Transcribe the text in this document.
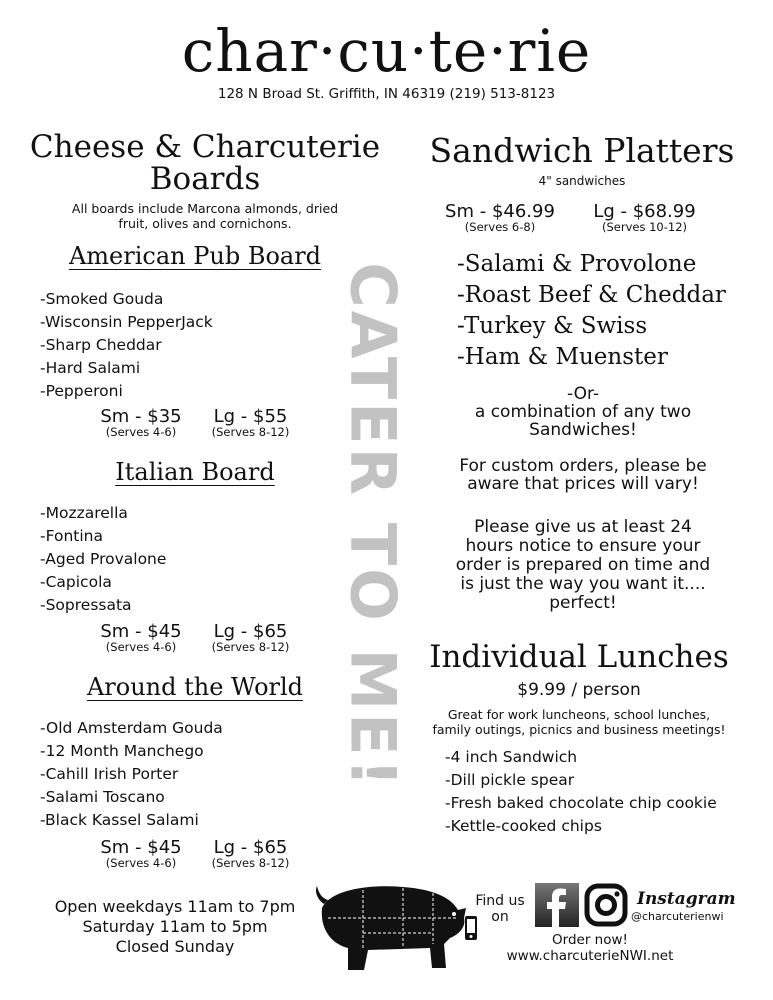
char·cu·te·rie
128 N Broad St. Griffith, IN 46319 (219) 513-8123
CATER TO ME!
Cheese & Charcuterie
Boards
All boards include Marcona almonds, dried
fruit, olives and cornichons.
American Pub Board
-Smoked Gouda
-Wisconsin PepperJack
-Sharp Cheddar
-Hard Salami
-Pepperoni
Sm - $35
(Serves 4-6)
Lg - $55
(Serves 8-12)
Italian Board
-Mozzarella
-Fontina
-Aged Provalone
-Capicola
-Sopressata
Sm - $45
(Serves 4-6)
Lg - $65
(Serves 8-12)
Around the World
-Old Amsterdam Gouda
-12 Month Manchego
-Cahill Irish Porter
-Salami Toscano
-Black Kassel Salami
Sm - $45
(Serves 4-6)
Lg - $65
(Serves 8-12)
Open weekdays 11am to 7pm
Saturday 11am to 5pm
Closed Sunday
Sandwich Platters
4" sandwiches
Sm - $46.99
(Serves 6-8)
Lg - $68.99
(Serves 10-12)
-Salami & Provolone
-Roast Beef & Cheddar
-Turkey & Swiss
-Ham & Muenster
-Or-
a combination of any two
Sandwiches!
For custom orders, please be
aware that prices will vary!
Please give us at least 24
hours notice to ensure your
order is prepared on time and
is just the way you want it....
perfect!
Individual Lunches
$9.99 / person
Great for work luncheons, school lunches,
family outings, picnics and business meetings!
-4 inch Sandwich
-Dill pickle spear
-Fresh baked chocolate chip cookie
-Kettle-cooked chips
Find us
on
Instagram
@charcuterienwi
Order now!
www.charcuterieNWI.net
